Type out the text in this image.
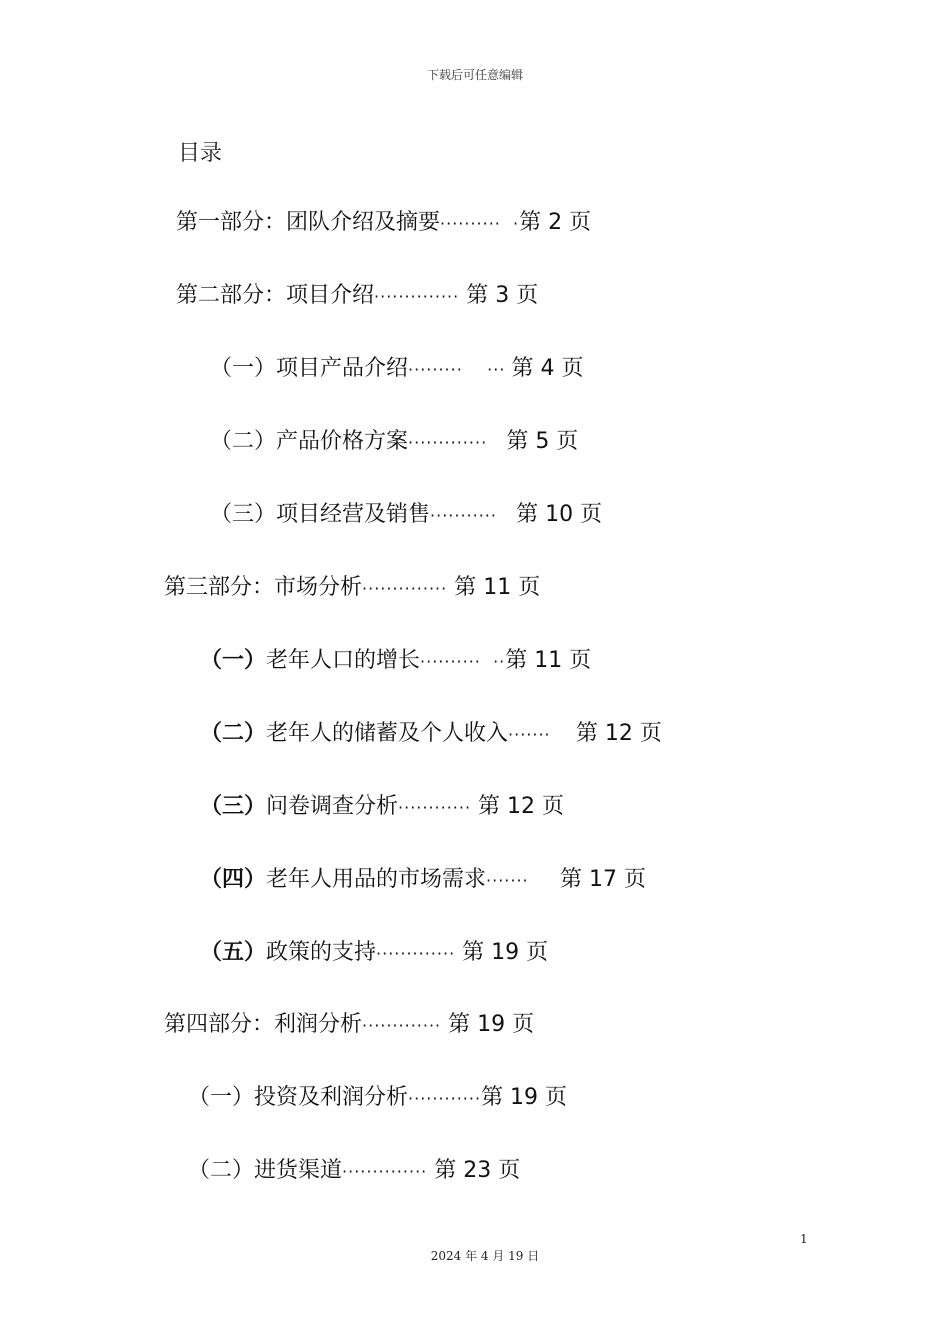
下载后可任意编辑
目录
第一部分：团队介绍及摘要··········  ·第 2 页
第二部分：项目介绍·············· 第 3 页
（一）项目产品介绍·········    ··· 第 4 页
（二）产品价格方案·············   第 5 页
（三）项目经营及销售···········   第 10 页
第三部分：市场分析·············· 第 11 页
（一）老年人口的增长··········  ··第 11 页
（二）老年人的储蓄及个人收入·······    第 12 页
（三）问卷调查分析············ 第 12 页
（四）老年人用品的市场需求·······     第 17 页
（五）政策的支持············· 第 19 页
第四部分：利润分析············· 第 19 页
（一）投资及利润分析············第 19 页
（二）进货渠道·············· 第 23 页
1
2024 年 4 月 19 日
